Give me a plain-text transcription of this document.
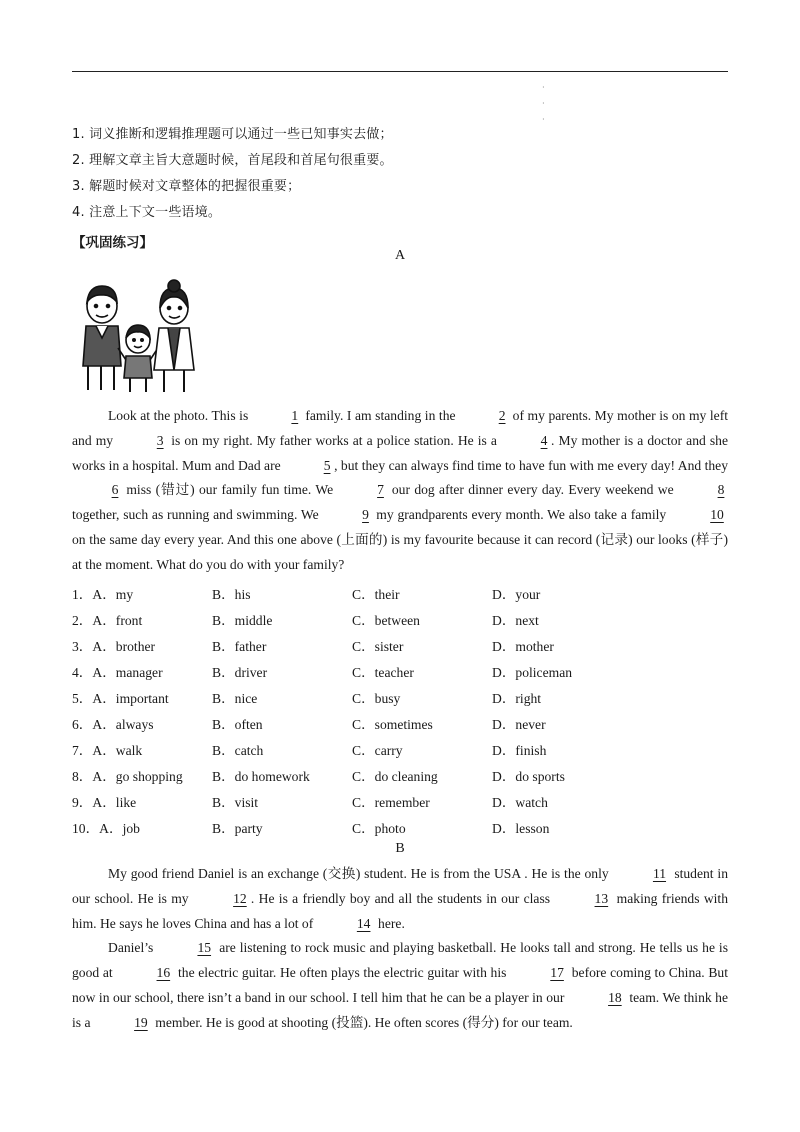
·
·
·
1. 词义推断和逻辑推理题可以通过一些已知事实去做；
2. 理解文章主旨大意题时候，首尾段和首尾句很重要。
3. 解题时候对文章整体的把握很重要；
4. 注意上下文一些语境。
【巩固练习】
A

Look at the photo. This is	1 family. I am standing in the	2 of my parents. My mother is on my left and my	3 is on my right. My father works at a police station. He is a	4 . My mother is a doctor and she works in a hospital. Mum and Dad are	5 , but they can always find time to have fun with me every day! And they 6 miss (错过) our family fun time. We	7 our dog after dinner every day. Every weekend we	8 together, such as running and swimming. We	9 my grandparents every month. We also take a family	10 on the same day every year. And this one above (上面的) is my favourite because it can record (记录) our looks (样子) at the moment. What do you do with your family?

1．A．my	B．his	C．their	D．your
2．A．front	B．middle	C．between	D．next
3．A．brother	B．father	C．sister	D．mother
4．A．manager	B．driver	C．teacher	D．policeman
5．A．important	B．nice	C．busy	D．right
6．A．always	B．often	C．sometimes	D．never
7．A．walk	B．catch	C．carry	D．finish
8．A．go shopping B．do homework	C．do cleaning	D．do sports
9．A．like	B．visit	C．remember	D．watch
10．A．job	B．party	C．photo	D．lesson
B

My good friend Daniel is an exchange (交换) student. He is from the USA . He is the only	11 student in our school. He is my	12 . He is a friendly boy and all the students in our class	13 making friends with him. He says he loves China and has a lot of	14 here.

Daniel’s	15 are listening to rock music and playing basketball. He looks tall and strong. He tells us he is good at	16 the electric guitar. He often plays the electric guitar with his	17 before coming to China. But now in our school, there isn’t a band in our school. I tell him that he can be a player in our	18 team. We think he is a	19 member. He is good at shooting (投篮). He often scores (得分) for our team.
